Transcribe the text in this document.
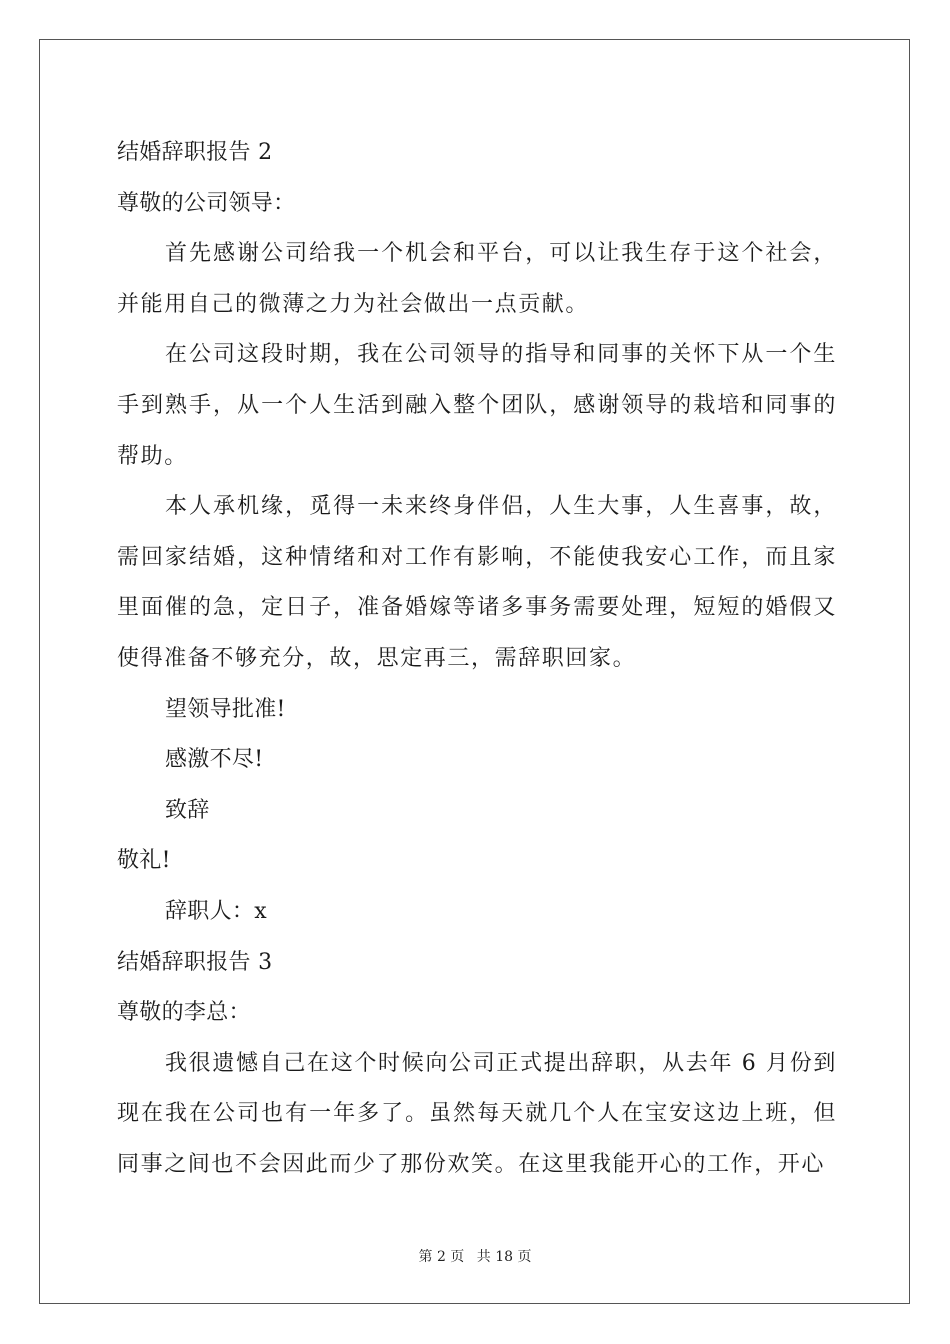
结婚辞职报告 2
尊敬的公司领导：

首先感谢公司给我一个机会和平台，可以让我生存于这个社会，并能用自己的微薄之力为社会做出一点贡献。

在公司这段时期，我在公司领导的指导和同事的关怀下从一个生手到熟手，从一个人生活到融入整个团队，感谢领导的栽培和同事的帮助。

本人承机缘，觅得一未来终身伴侣，人生大事，人生喜事，故，需回家结婚，这种情绪和对工作有影响，不能使我安心工作，而且家里面催的急，定日子，准备婚嫁等诸多事务需要处理，短短的婚假又使得准备不够充分，故，思定再三，需辞职回家。

望领导批准!
感激不尽!
致辞
敬礼!
辞职人：x
结婚辞职报告 3
尊敬的李总：

我很遗憾自己在这个时候向公司正式提出辞职，从去年 6 月份到现在我在公司也有一年多了。虽然每天就几个人在宝安这边上班，但同事之间也不会因此而少了那份欢笑。在这里我能开心的工作，开心

第 2 页 共 18 页
